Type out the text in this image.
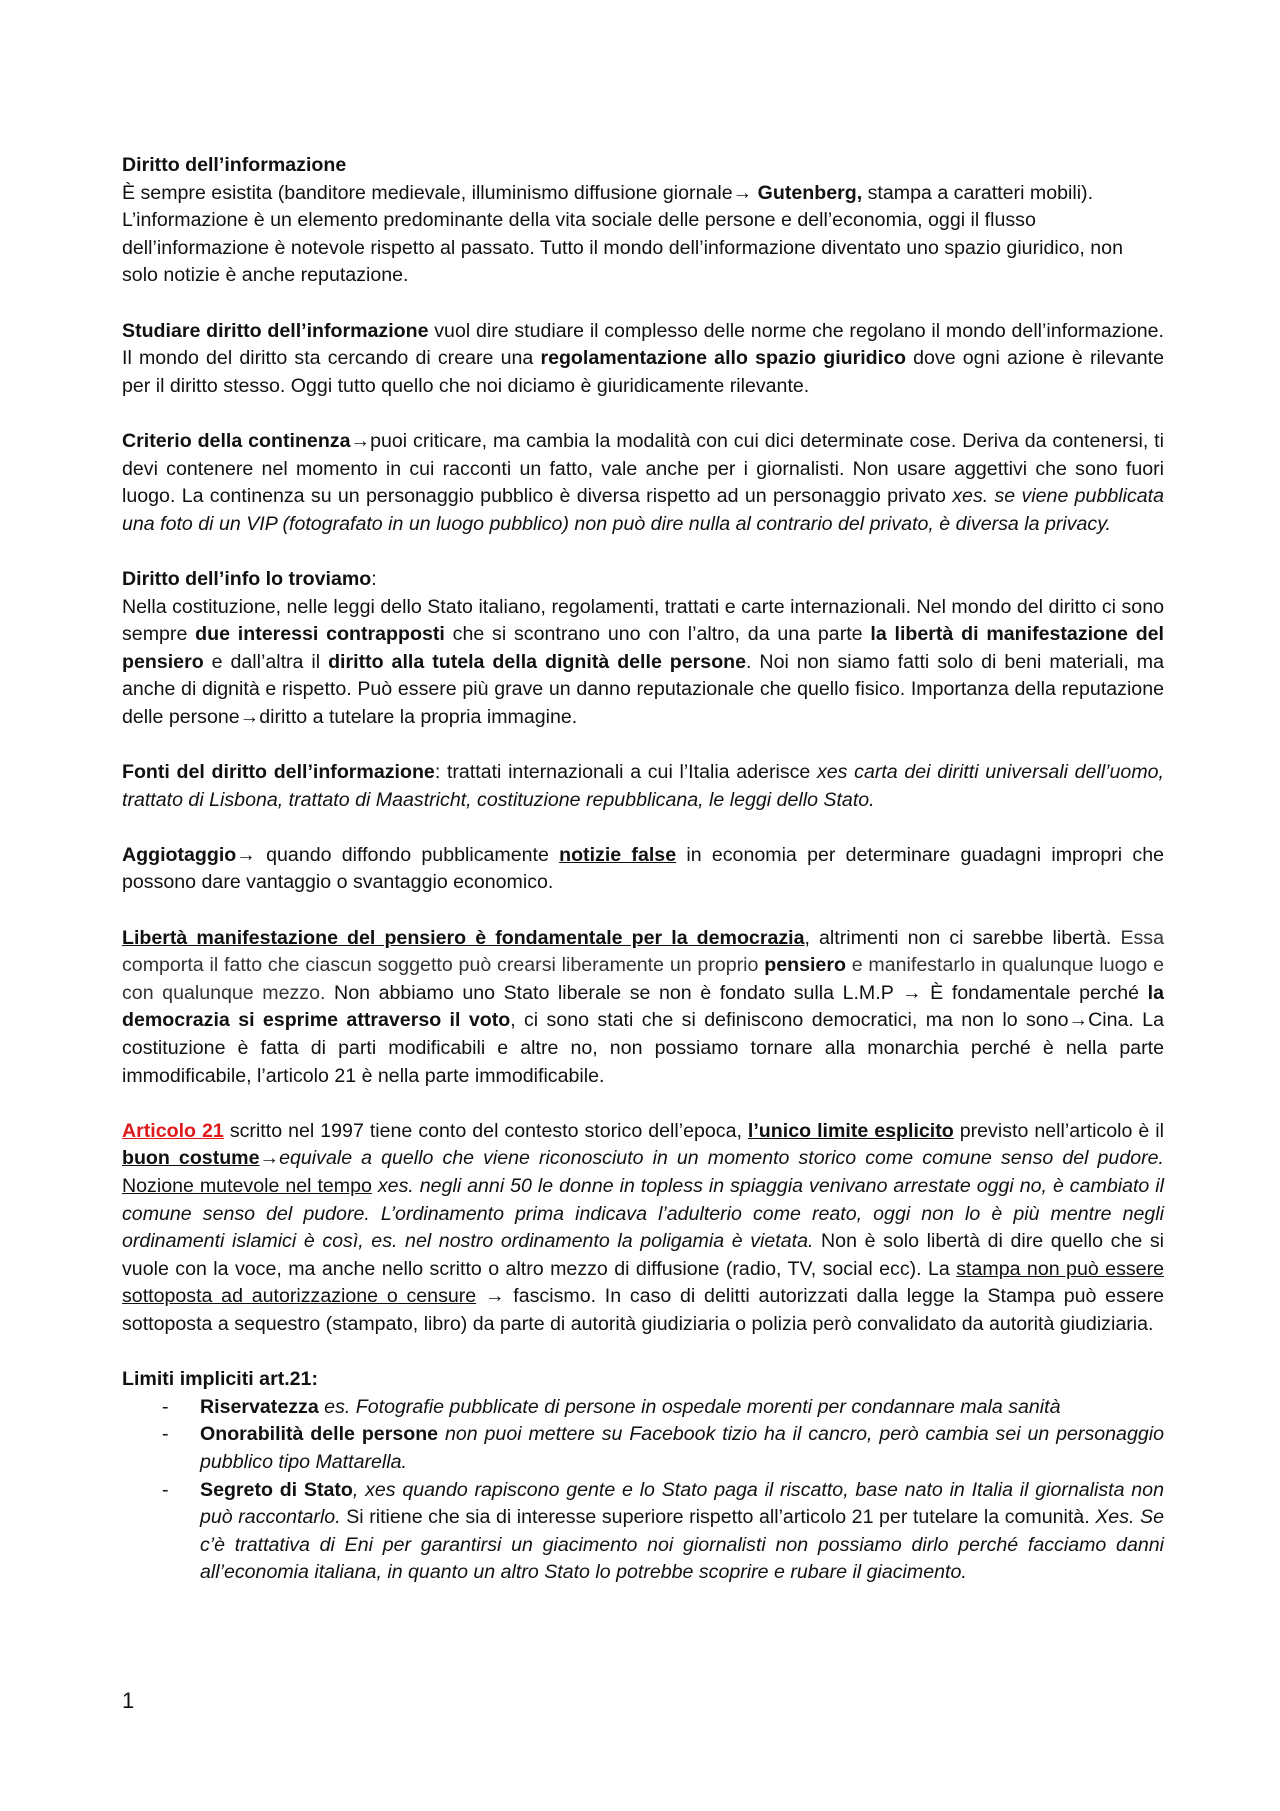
Diritto dell’informazione
È sempre esistita (banditore medievale, illuminismo diffusione giornale→ Gutenberg, stampa a caratteri mobili). L’informazione è un elemento predominante della vita sociale delle persone e dell’economia, oggi il flusso dell’informazione è notevole rispetto al passato. Tutto il mondo dell’informazione diventato uno spazio giuridico, non solo notizie è anche reputazione.
Studiare diritto dell’informazione vuol dire studiare il complesso delle norme che regolano il mondo dell’informazione. Il mondo del diritto sta cercando di creare una regolamentazione allo spazio giuridico dove ogni azione è rilevante per il diritto stesso. Oggi tutto quello che noi diciamo è giuridicamente rilevante.
Criterio della continenza→puoi criticare, ma cambia la modalità con cui dici determinate cose. Deriva da contenersi, ti devi contenere nel momento in cui racconti un fatto, vale anche per i giornalisti. Non usare aggettivi che sono fuori luogo. La continenza su un personaggio pubblico è diversa rispetto ad un personaggio privato xes. se viene pubblicata una foto di un VIP (fotografato in un luogo pubblico) non può dire nulla al contrario del privato, è diversa la privacy.
Diritto dell’info lo troviamo:
Nella costituzione, nelle leggi dello Stato italiano, regolamenti, trattati e carte internazionali. Nel mondo del diritto ci sono sempre due interessi contrapposti che si scontrano uno con l’altro, da una parte la libertà di manifestazione del pensiero e dall’altra il diritto alla tutela della dignità delle persone. Noi non siamo fatti solo di beni materiali, ma anche di dignità e rispetto. Può essere più grave un danno reputazionale che quello fisico. Importanza della reputazione delle persone→diritto a tutelare la propria immagine.
Fonti del diritto dell’informazione: trattati internazionali a cui l’Italia aderisce xes carta dei diritti universali dell’uomo, trattato di Lisbona, trattato di Maastricht, costituzione repubblicana, le leggi dello Stato.
Aggiotaggio→ quando diffondo pubblicamente notizie false in economia per determinare guadagni impropri che possono dare vantaggio o svantaggio economico.
Libertà manifestazione del pensiero è fondamentale per la democrazia, altrimenti non ci sarebbe libertà. Essa comporta il fatto che ciascun soggetto può crearsi liberamente un proprio pensiero e manifestarlo in qualunque luogo e con qualunque mezzo. Non abbiamo uno Stato liberale se non è fondato sulla L.M.P → È fondamentale perché la democrazia si esprime attraverso il voto, ci sono stati che si definiscono democratici, ma non lo sono→Cina. La costituzione è fatta di parti modificabili e altre no, non possiamo tornare alla monarchia perché è nella parte immodificabile, l’articolo 21 è nella parte immodificabile.
Articolo 21 scritto nel 1997 tiene conto del contesto storico dell’epoca, l’unico limite esplicito previsto nell’articolo è il buon costume→equivale a quello che viene riconosciuto in un momento storico come comune senso del pudore. Nozione mutevole nel tempo xes. negli anni 50 le donne in topless in spiaggia venivano arrestate oggi no, è cambiato il comune senso del pudore. L’ordinamento prima indicava l’adulterio come reato, oggi non lo è più mentre negli ordinamenti islamici è così, es. nel nostro ordinamento la poligamia è vietata. Non è solo libertà di dire quello che si vuole con la voce, ma anche nello scritto o altro mezzo di diffusione (radio, TV, social ecc). La stampa non può essere sottoposta ad autorizzazione o censure → fascismo. In caso di delitti autorizzati dalla legge la Stampa può essere sottoposta a sequestro (stampato, libro) da parte di autorità giudiziaria o polizia però convalidato da autorità giudiziaria.
Limiti impliciti art.21:
- Riservatezza es. Fotografie pubblicate di persone in ospedale morenti per condannare mala sanità
- Onorabilità delle persone non puoi mettere su Facebook tizio ha il cancro, però cambia sei un personaggio pubblico tipo Mattarella.
- Segreto di Stato, xes quando rapiscono gente e lo Stato paga il riscatto, base nato in Italia il giornalista non può raccontarlo. Si ritiene che sia di interesse superiore rispetto all’articolo 21 per tutelare la comunità. Xes. Se c’è trattativa di Eni per garantirsi un giacimento noi giornalisti non possiamo dirlo perché facciamo danni all’economia italiana, in quanto un altro Stato lo potrebbe scoprire e rubare il giacimento.
1
